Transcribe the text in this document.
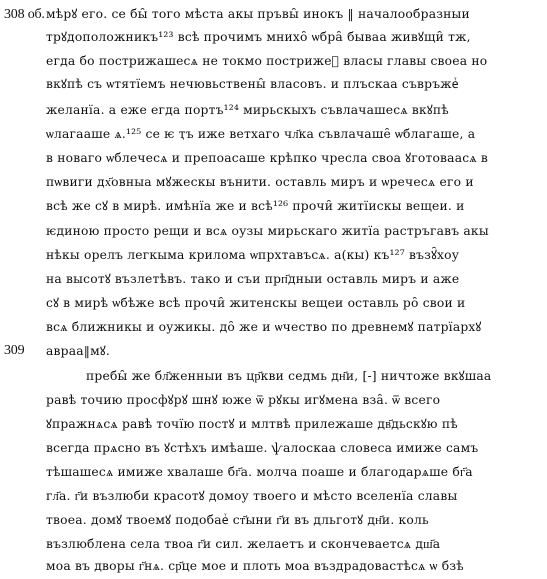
308 об.
309
мѣрꙋ его. се бы̑ того мѣста акы пръвы̑ инокъ ‖ началообразныи
трꙋдоположникъ¹²³ всѣ прочимъ мнихо̑ ѡбра̑ бываа живꙋщи̑ тж,
егда бо пострижашесѧ не токмо пострижеⷮ власы главы своеа но
вкꙋпѣ съ ѡтятїемъ нечювьствены̑ власовъ. и плъскаа съвръжеⷮ
желанїа. а еже егда портъ¹²⁴ мирьскыхъ съвлачашесѧ вкꙋпѣ
ѡлагааше ѧ.¹²⁵ се ѥ ҭъ иже ветхаго чл҃ка съвлачаше̑ ѡблагаше, а
в новаго ѡблечесѧ и препоасаше крѣпко чресла своа ꙋготоваасѧ в
пѡвиги дх҃овныа мꙋжескы вънити. оставль миръ и ѡречесѧ его и
всѣ же сꙋ в мирѣ. имѣнїа же и всѣ¹²⁶ прочи̑ житїискы вещеи. и
ѥдиною просто рещи и всѧ оузы мирьскаго житїа растръгавъ акы
нѣкы орелъ легкыма крилома ѡпрхтавъсѧ. а(кы) къ¹²⁷ възꙋ̑хоу
на высотꙋ възлетѣвъ. тако и съи прп҃дныи оставль миръ и аже
сꙋ в мирѣ ѡбѣже всѣ прочи̑ житенскы вещеи оставль ро̑ свои и
всѧ ближникы и оужикы. до̑ же и ѡчество по древнемꙋ патрїархꙋ
авраа‖мꙋ.
пребы̑ же бл҃женныи въ цр҃кви седмь дн҃и, [-] ничтоже вкꙋшаа
равѣ точию просфꙋрꙋ шнꙋ юже ѿ рꙋкы игꙋмена вза̑. ѿ всего
ꙋпражнѧсѧ равѣ точїю постꙋ и млтвѣ прилежаше дв҃дьскꙋю пѣ
всегда прѧсно въ ꙋстѣхъ имѣаше. ѱалоскаа словеса имиже самъ
тѣшашесѧ имиже хвалаше бг҃а. молча поаше и благодарѧше бг҃а
гл҃а. г҃и възлюби красотꙋ домоу твоего и мѣсто вселенїа славы
твоеа. домꙋ твоемꙋ подобаеⷮ ст҃ыни г҃и въ дльготꙋ дн҃и. коль
възлюблена села твоа г҃и сил. желаетъ и скончеваетсѧ дш҃а
моа въ дворы г҃нѧ. ср҃це мое и плоть моа въздрадовастѣсѧ ѡ бзѣ
